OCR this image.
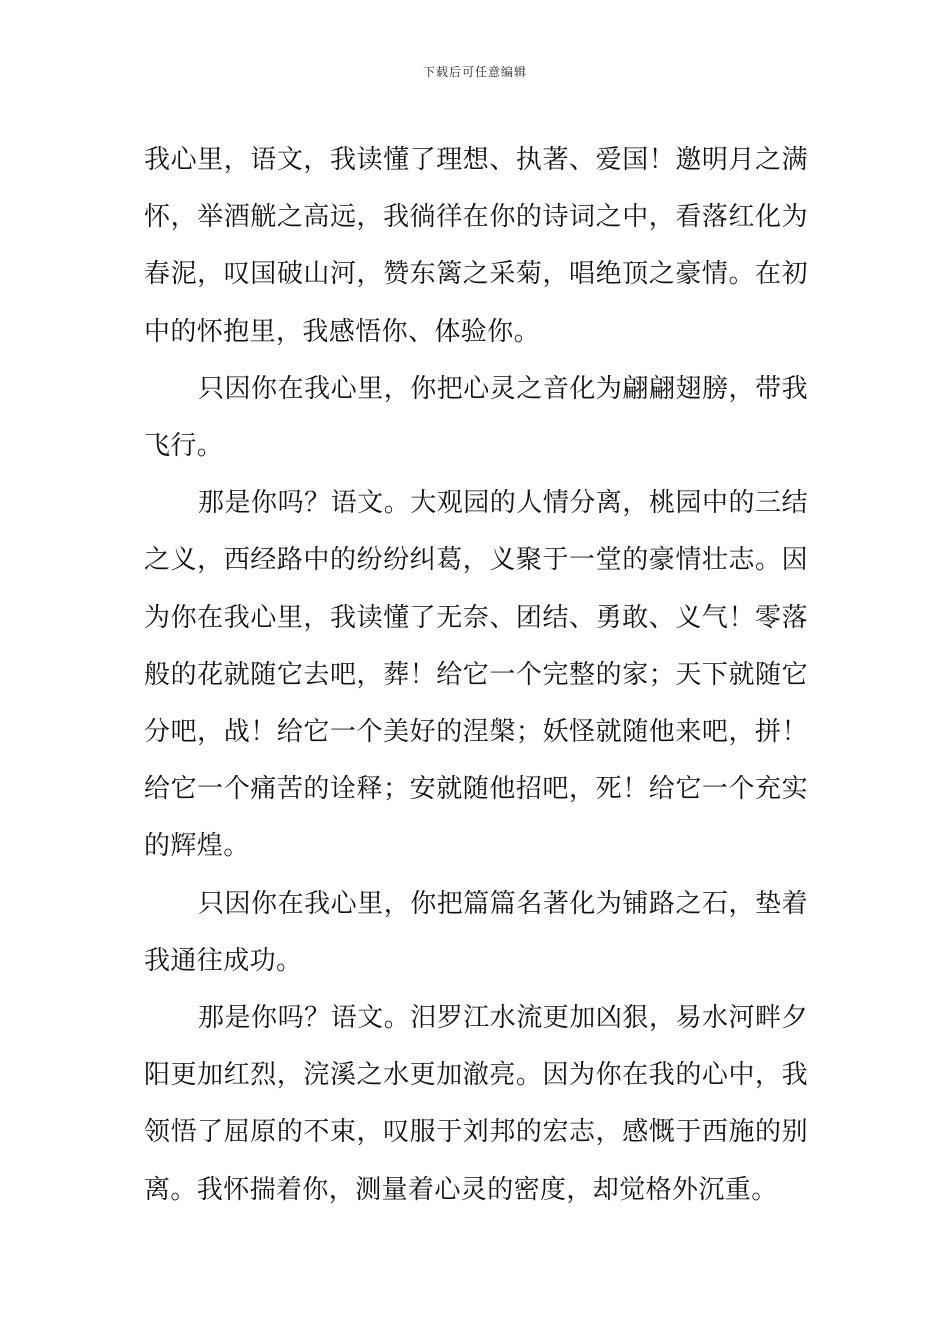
下载后可任意编辑

我心里，语文，我读懂了理想、执著、爱国！邀明月之满怀，举酒觥之高远，我徜徉在你的诗词之中，看落红化为春泥，叹国破山河，赞东篱之采菊，唱绝顶之豪情。在初中的怀抱里，我感悟你、体验你。

只因你在我心里，你把心灵之音化为翩翩翅膀，带我飞行。

那是你吗？语文。大观园的人情分离，桃园中的三结之义，西经路中的纷纷纠葛，义聚于一堂的豪情壮志。因为你在我心里，我读懂了无奈、团结、勇敢、义气！零落般的花就随它去吧，葬！给它一个完整的家；天下就随它分吧，战！给它一个美好的涅槃；妖怪就随他来吧，拼！给它一个痛苦的诠释；安就随他招吧，死！给它一个充实的辉煌。

只因你在我心里，你把篇篇名著化为铺路之石，垫着我通往成功。

那是你吗？语文。汨罗江水流更加凶狠，易水河畔夕阳更加红烈，浣溪之水更加澈亮。因为你在我的心中，我领悟了屈原的不束，叹服于刘邦的宏志，感慨于西施的别离。我怀揣着你，测量着心灵的密度，却觉格外沉重。
